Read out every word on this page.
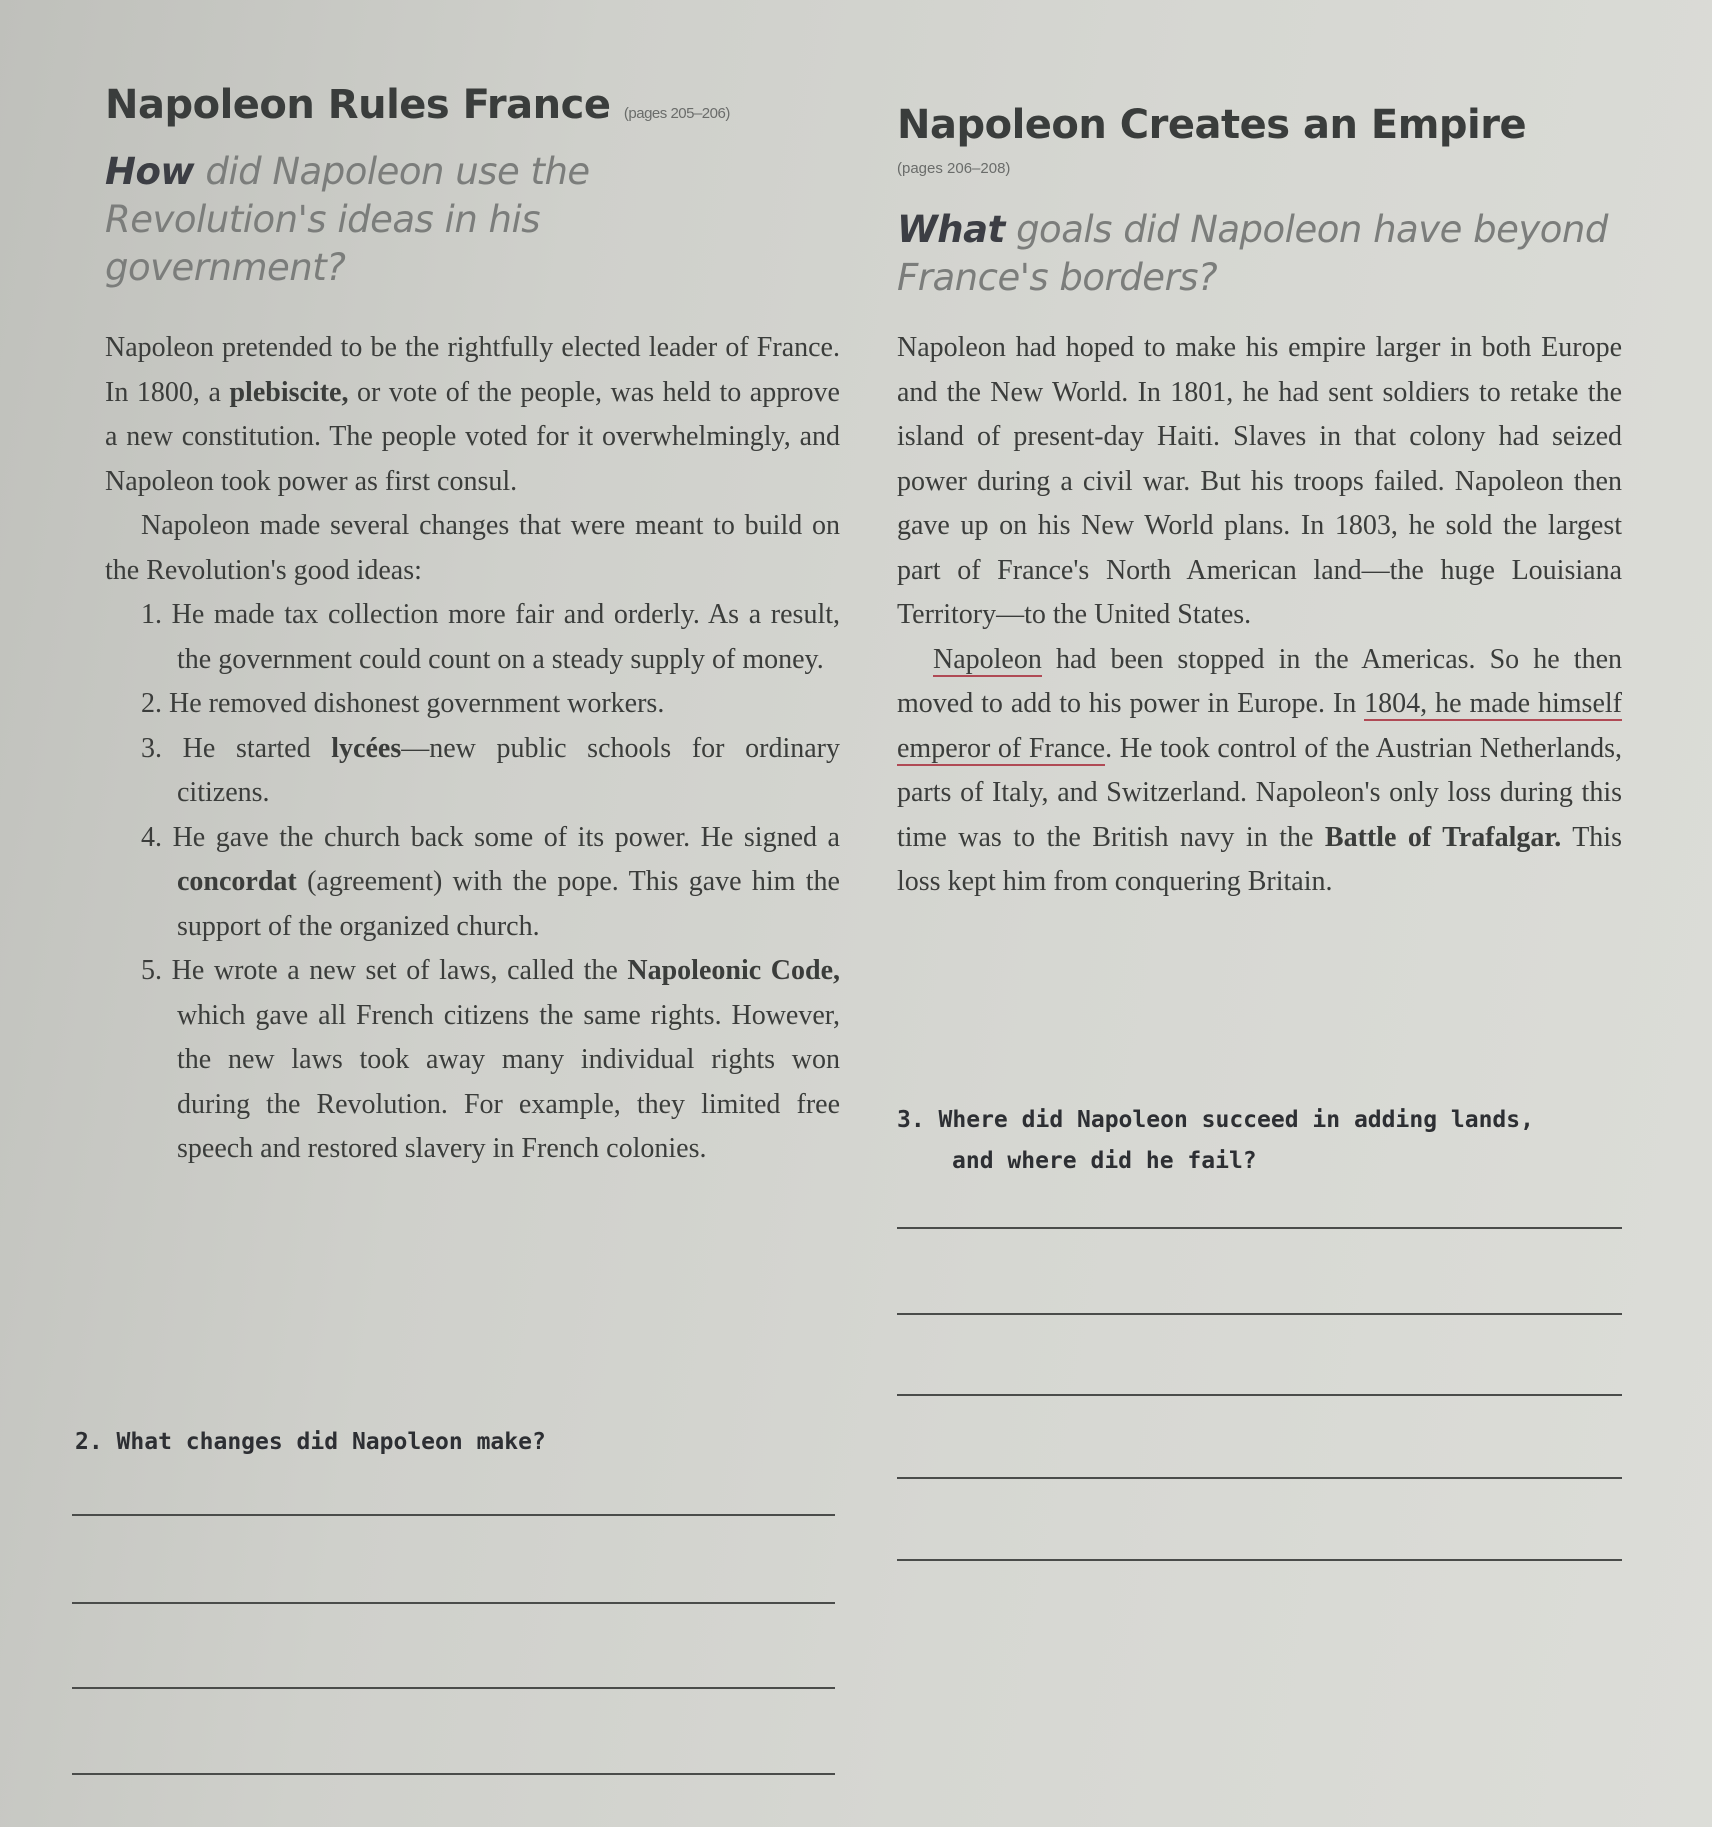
Napoleon Rules France (pages 205–206)
How did Napoleon use the Revolution's ideas in his government?

Napoleon pretended to be the rightfully elected leader of France. In 1800, a plebiscite, or vote of the people, was held to approve a new constitution. The people voted for it overwhelmingly, and Napoleon took power as first consul.

Napoleon made several changes that were meant to build on the Revolution's good ideas:

1. He made tax collection more fair and orderly. As a result, the government could count on a steady supply of money.

2. He removed dishonest government workers.

3. He started lycées—new public schools for ordinary citizens.

4. He gave the church back some of its power. He signed a concordat (agreement) with the pope. This gave him the support of the organized church.

5. He wrote a new set of laws, called the Napoleonic Code, which gave all French citizens the same rights. However, the new laws took away many individual rights won during the Revolution. For example, they limited free speech and restored slavery in French colonies.

2. What changes did Napoleon make?
Napoleon Creates an Empire
(pages 206–208)
What goals did Napoleon have beyond France's borders?

Napoleon had hoped to make his empire larger in both Europe and the New World. In 1801, he had sent soldiers to retake the island of present-day Haiti. Slaves in that colony had seized power during a civil war. But his troops failed. Napoleon then gave up on his New World plans. In 1803, he sold the largest part of France's North American land—the huge Louisiana Territory—to the United States.

Napoleon had been stopped in the Americas. So he then moved to add to his power in Europe. In 1804, he made himself emperor of France. He took control of the Austrian Netherlands, parts of Italy, and Switzerland. Napoleon's only loss during this time was to the British navy in the Battle of Trafalgar. This loss kept him from conquering Britain.

3. Where did Napoleon succeed in adding lands,
and where did he fail?
